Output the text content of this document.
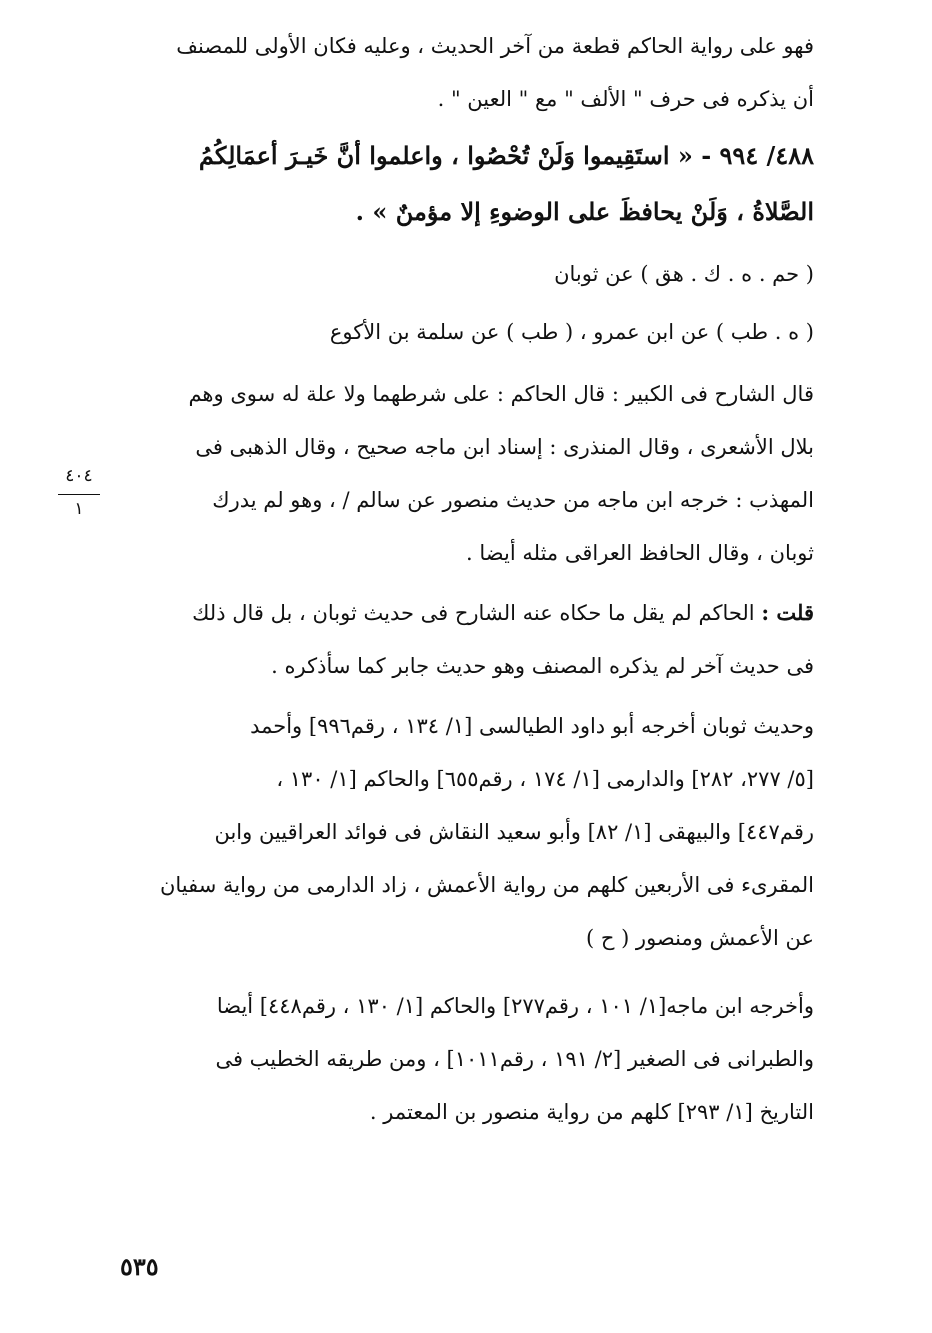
فهو على رواية الحاكم قطعة من آخر الحديث ، وعليه فكان الأولى للمصنف
أن يذكره فى حرف " الألف " مع " العين " .
٤٨٨/ ٩٩٤ - « استَقِيموا وَلَنْ تُحْصُوا ، واعلموا أنَّ خَيـرَ أعمَالِكُمُ
الصَّلاةُ ، وَلَنْ يحافظَ على الوضوءِ إلا مؤمنٌ » .
( حم . ه . ك . هق ) عن ثوبان
( ه . طب ) عن ابن عمرو ، ( طب ) عن سلمة بن الأكوع
قال الشارح فى الكبير : قال الحاكم : على شرطهما ولا علة له سوى وهم
بلال الأشعرى ، وقال المنذرى : إسناد ابن ماجه صحيح ، وقال الذهبى فى
المهذب : خرجه ابن ماجه من حديث منصور عن سالم / ، وهو لم يدرك
ثوبان ، وقال الحافظ العراقى مثله أيضا .
٤٠٤
١
قلت : الحاكم لم يقل ما حكاه عنه الشارح فى حديث ثوبان ، بل قال ذلك
فى حديث آخر لم يذكره المصنف وهو حديث جابر كما سأذكره .
وحديث ثوبان أخرجه أبو داود الطيالسى [١/ ١٣٤ ، رقم٩٩٦] وأحمد
[٥/ ٢٧٧، ٢٨٢] والدارمى [١/ ١٧٤ ، رقم٦٥٥] والحاكم [١/ ١٣٠ ،
رقم٤٤٧] والبيهقى [١/ ٨٢] وأبو سعيد النقاش فى فوائد العراقيين وابن
المقرىء فى الأربعين كلهم من رواية الأعمش ، زاد الدارمى من رواية سفيان
عن الأعمش ومنصور ( ح )
وأخرجه ابن ماجه[١/ ١٠١ ، رقم٢٧٧] والحاكم [١/ ١٣٠ ، رقم٤٤٨] أيضا
والطبرانى فى الصغير [٢/ ١٩١ ، رقم١٠١١] ، ومن طريقه الخطيب فى
التاريخ [١/ ٢٩٣] كلهم من رواية منصور بن المعتمر .
٥٣٥
